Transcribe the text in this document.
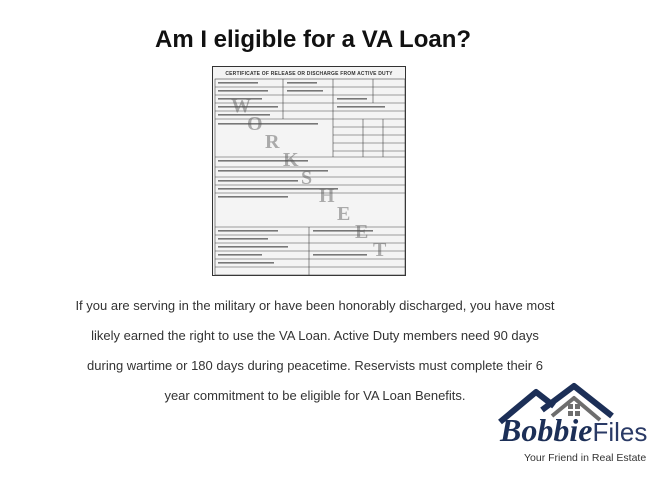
Am I eligible for a VA Loan?
CERTIFICATE OF RELEASE OR DISCHARGE FROM ACTIVE DUTY
W
O
R
K
S
H
E
E
T
If you are serving in the military or have been honorably discharged, you have most
likely earned the right to use the VA Loan. Active Duty members need 90 days
during wartime or 180 days during peacetime. Reservists must complete their 6
year commitment to be eligible for VA Loan Benefits.
BobbieFiles
Your Friend in Real Estate
